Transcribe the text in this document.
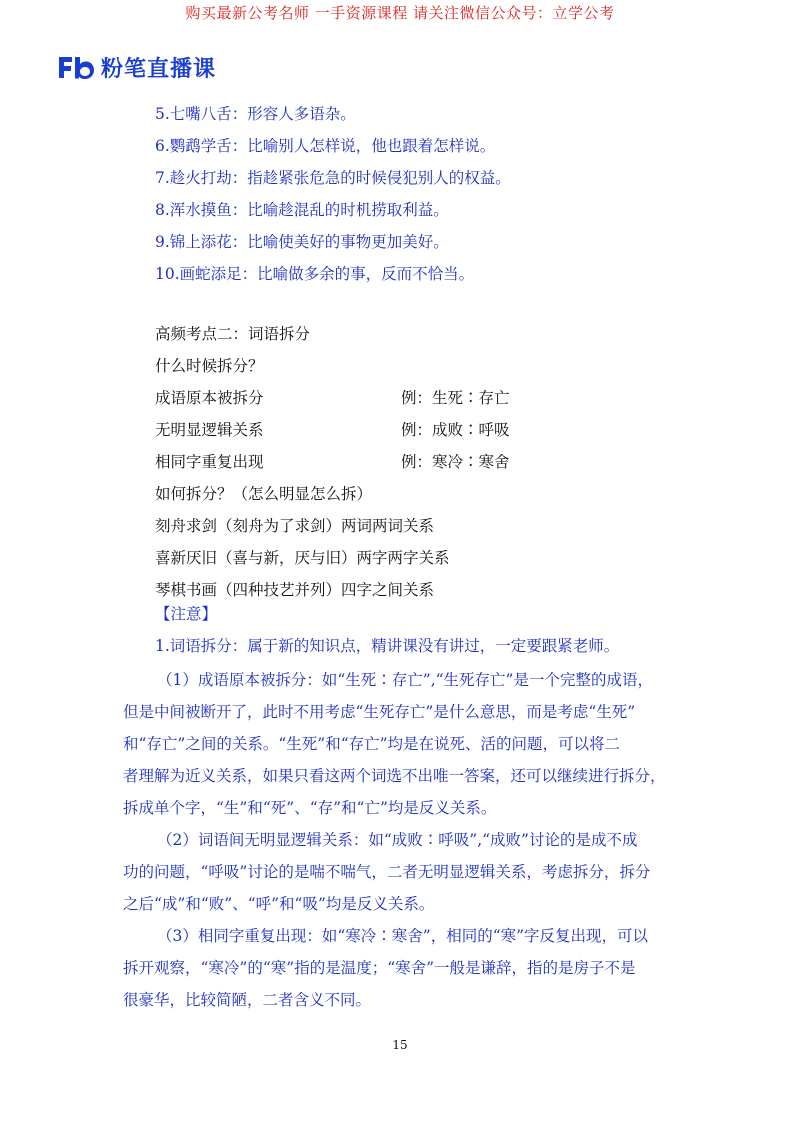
购买最新公考名师 一手资源课程 请关注微信公众号：立学公考
粉笔直播课
5.七嘴八舌：形容人多语杂。
6.鹦鹉学舌：比喻别人怎样说，他也跟着怎样说。
7.趁火打劫：指趁紧张危急的时候侵犯别人的权益。
8.浑水摸鱼：比喻趁混乱的时机捞取利益。
9.锦上添花：比喻使美好的事物更加美好。
10.画蛇添足：比喻做多余的事，反而不恰当。
高频考点二：词语拆分
什么时候拆分？
成语原本被拆分	例：生死∶存亡
无明显逻辑关系	例：成败∶呼吸
相同字重复出现	例：寒冷∶寒舍
如何拆分？（怎么明显怎么拆）
刻舟求剑（刻舟为了求剑）两词两词关系
喜新厌旧（喜与新，厌与旧）两字两字关系
琴棋书画（四种技艺并列）四字之间关系
【注意】
1.词语拆分：属于新的知识点，精讲课没有讲过，一定要跟紧老师。
（1）成语原本被拆分：如“生死∶存亡”,“生死存亡”是一个完整的成语，
但是中间被断开了，此时不用考虑“生死存亡”是什么意思，而是考虑“生死”
和“存亡”之间的关系。“生死”和“存亡”均是在说死、活的问题，可以将二
者理解为近义关系，如果只看这两个词选不出唯一答案，还可以继续进行拆分，
拆成单个字，“生”和“死”、“存”和“亡”均是反义关系。
（2）词语间无明显逻辑关系：如“成败∶呼吸”,“成败”讨论的是成不成
功的问题，“呼吸”讨论的是喘不喘气，二者无明显逻辑关系，考虑拆分，拆分
之后“成”和“败”、“呼”和“吸”均是反义关系。
（3）相同字重复出现：如“寒冷∶寒舍”，相同的“寒”字反复出现，可以
拆开观察，“寒冷”的“寒”指的是温度；“寒舍”一般是谦辞，指的是房子不是
很豪华，比较简陋，二者含义不同。
15
